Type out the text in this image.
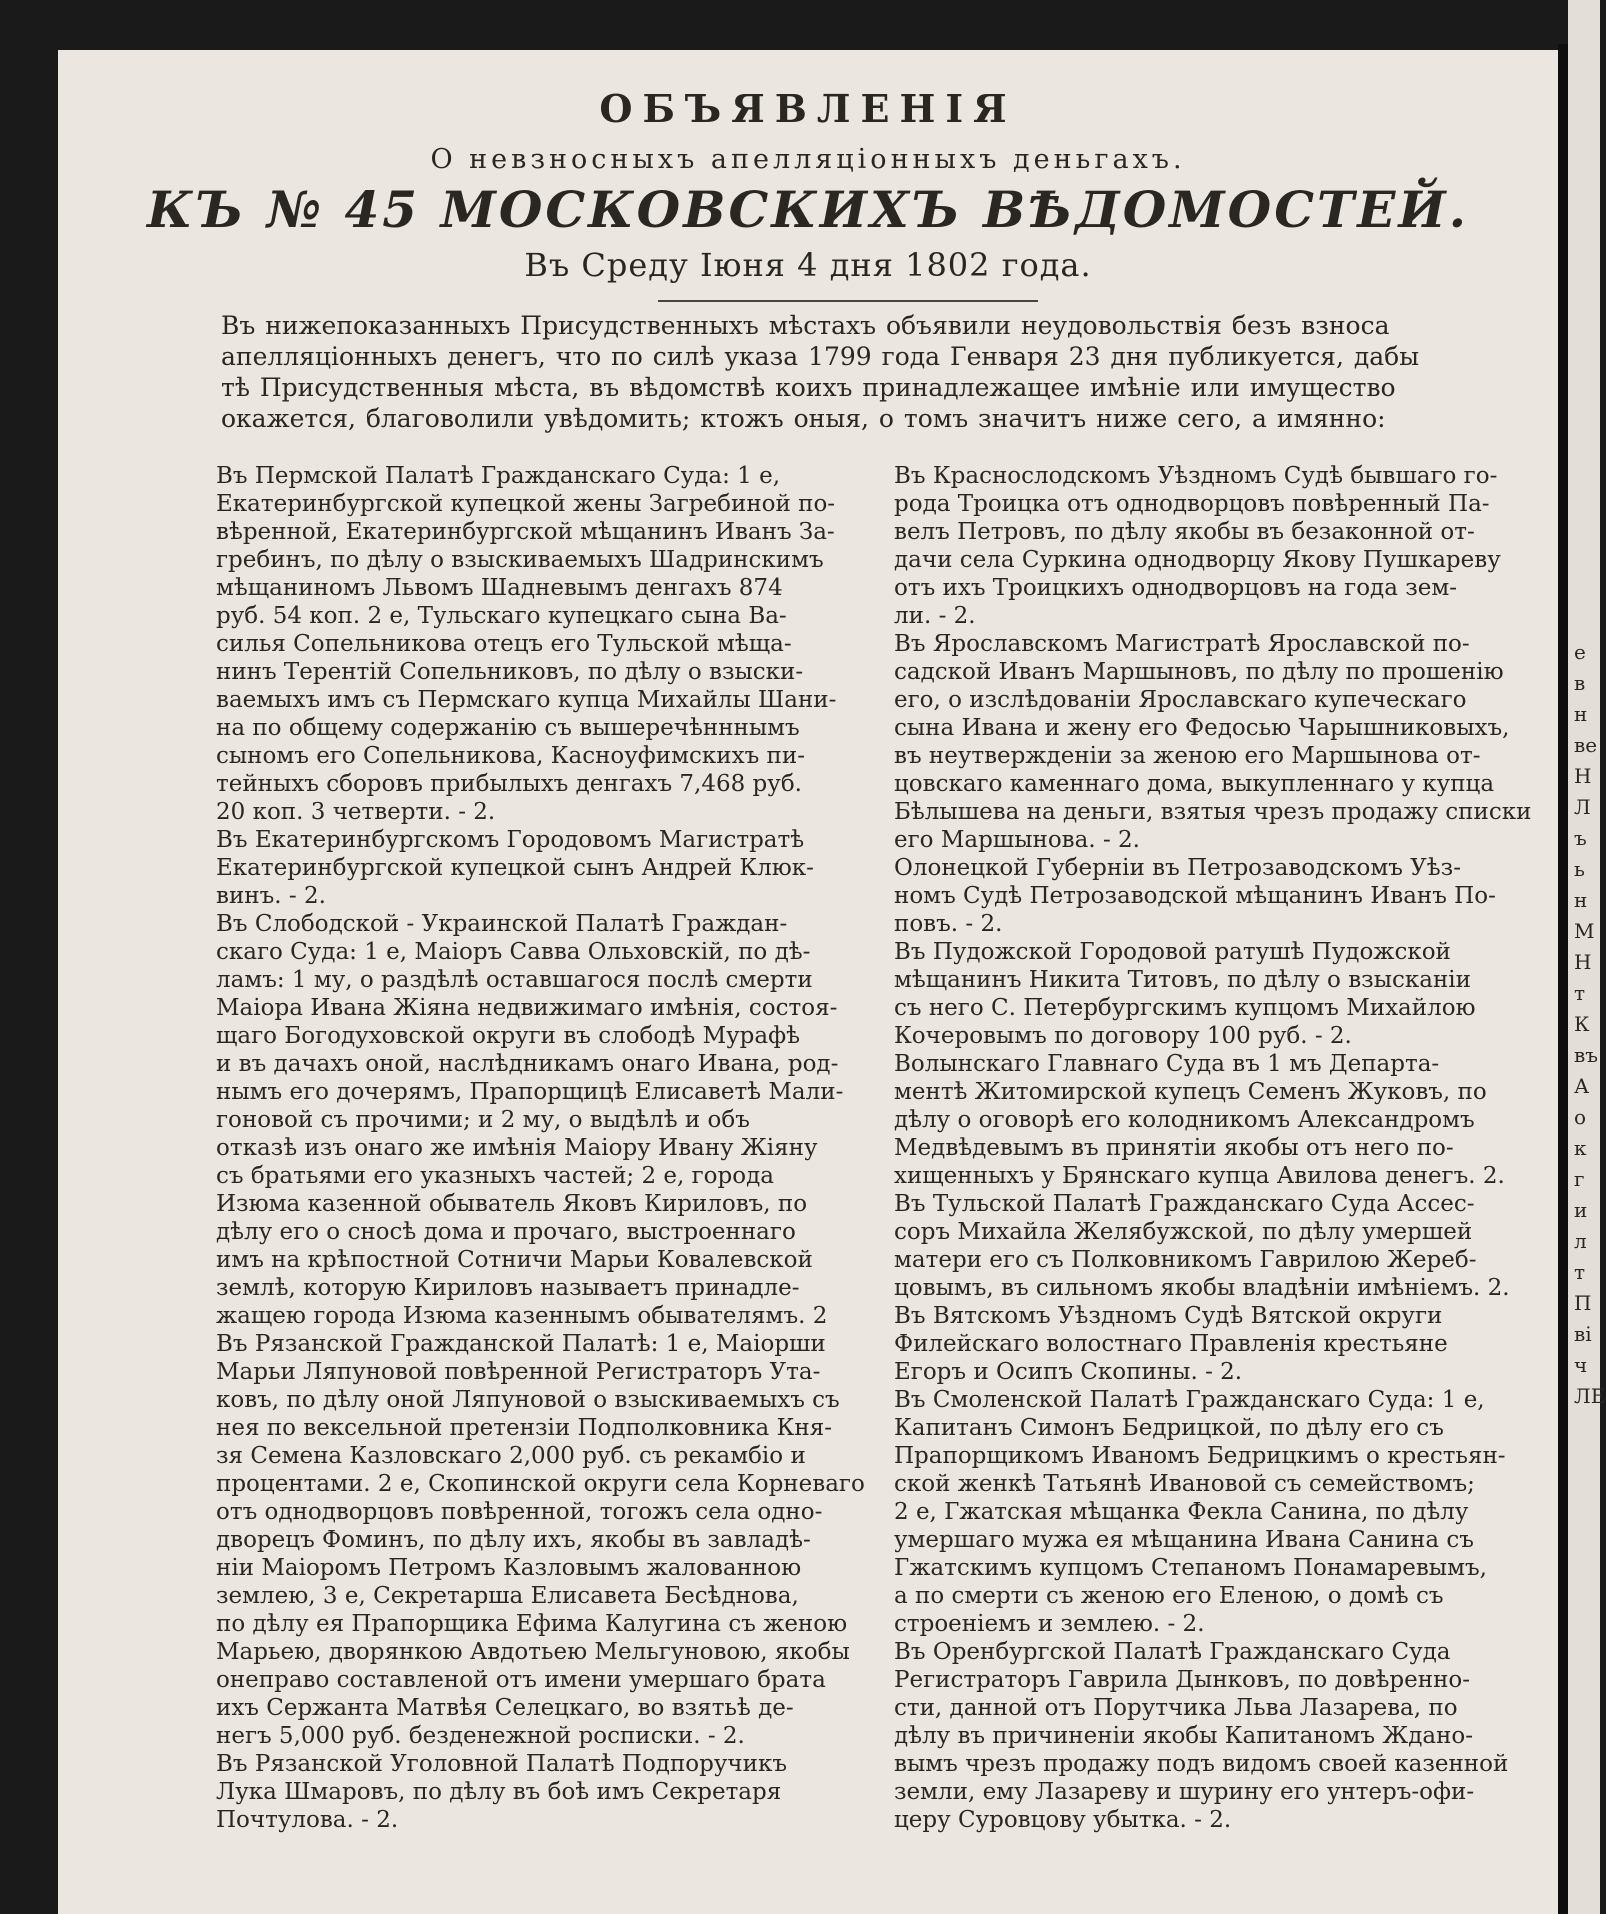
ОБЪЯВЛЕНІЯ
О невзносныхъ апелляціонныхъ деньгахъ.
КЪ № 45 МОСКОВСКИХЪ ВѢДОМОСТЕЙ.
Въ Среду Іюня 4 дня 1802 года.
Въ нижепоказанныхъ Присудственныхъ мѣстахъ объявили неудовольствія безъ взноса
апелляціонныхъ денегъ, что по силѣ указа 1799 года Генваря 23 дня публикуется, дабы
тѣ Присудственныя мѣста, въ вѣдомствѣ коихъ принадлежащее имѣніе или имущество
окажется, благоволили увѣдомить; ктожъ оныя, о томъ значитъ ниже сего, а имянно:
Въ Пермской Палатѣ Гражданскаго Суда: 1 е,
Екатеринбургской купецкой жены Загребиной по-
вѣренной, Екатеринбургской мѣщанинъ Иванъ За-
гребинъ, по дѣлу о взыскиваемыхъ Шадринскимъ
мѣщаниномъ Львомъ Шадневымъ денгахъ 874
руб. 54 коп. 2 е, Тульскаго купецкаго сына Ва-
силья Сопельникова отецъ его Тульской мѣща-
нинъ Терентій Сопельниковъ, по дѣлу о взыски-
ваемыхъ имъ съ Пермскаго купца Михайлы Шани-
на по общему содержанію съ вышеречѣнннымъ
сыномъ его Сопельникова, Касноуфимскихъ пи-
тейныхъ сборовъ прибылыхъ денгахъ 7,468 руб.
20 коп. 3 четверти. - 2.
Въ Екатеринбургскомъ Городовомъ Магистратѣ
Екатеринбургской купецкой сынъ Андрей Клюк-
винъ. - 2.
Въ Слободской - Украинской Палатѣ Граждан-
скаго Суда: 1 е, Маіоръ Савва Ольховскій, по дѣ-
ламъ: 1 му, о раздѣлѣ оставшагося послѣ смерти
Маіора Ивана Жіяна недвижимаго имѣнія, состоя-
щаго Богодуховской округи въ слободѣ Мурафѣ
и въ дачахъ оной, наслѣдникамъ онаго Ивана, род-
нымъ его дочерямъ, Прапорщицѣ Елисаветѣ Мали-
гоновой съ прочими; и 2 му, о выдѣлѣ и объ
отказѣ изъ онаго же имѣнія Маіору Ивану Жіяну
съ братьями его указныхъ частей; 2 е, города
Изюма казенной обыватель Яковъ Кириловъ, по
дѣлу его о сносѣ дома и прочаго, выстроеннаго
имъ на крѣпостной Сотничи Марьи Ковалевской
землѣ, которую Кириловъ называетъ принадле-
жащею города Изюма казеннымъ обывателямъ. 2
Въ Рязанской Гражданской Палатѣ: 1 е, Маіорши
Марьи Ляпуновой повѣренной Регистраторъ Ута-
ковъ, по дѣлу оной Ляпуновой о взыскиваемыхъ съ
нея по вексельной претензіи Подполковника Кня-
зя Семена Казловскаго 2,000 руб. съ рекамбіо и
процентами. 2 е, Скопинской округи села Корневаго
отъ однодворцовъ повѣренной, тогожъ села одно-
дворецъ Фоминъ, по дѣлу ихъ, якобы въ завладѣ-
ніи Маіоромъ Петромъ Казловымъ жалованною
землею, 3 е, Секретарша Елисавета Бесѣднова,
по дѣлу ея Прапорщика Ефима Калугина съ женою
Марьею, дворянкою Авдотьею Мельгуновою, якобы
онеправо составленой отъ имени умершаго брата
ихъ Сержанта Матвѣя Селецкаго, во взятьѣ де-
негъ 5,000 руб. безденежной росписки. - 2.
Въ Рязанской Уголовной Палатѣ Подпоручикъ
Лука Шмаровъ, по дѣлу въ боѣ имъ Секретаря
Почтулова. - 2.
Въ Краснослодскомъ Уѣздномъ Судѣ бывшаго го-
рода Троицка отъ однодворцовъ повѣренный Па-
велъ Петровъ, по дѣлу якобы въ безаконной от-
дачи села Суркина однодворцу Якову Пушкареву
отъ ихъ Троицкихъ однодворцовъ на года зем-
ли. - 2.
Въ Ярославскомъ Магистратѣ Ярославской по-
садской Иванъ Маршыновъ, по дѣлу по прошенію
его, о изслѣдованіи Ярославскаго купеческаго
сына Ивана и жену его Федосью Чарышниковыхъ,
въ неутвержденіи за женою его Маршынова от-
цовскаго каменнаго дома, выкупленнаго у купца
Бѣлышева на деньги, взятыя чрезъ продажу списки
его Маршынова. - 2.
Олонецкой Губерніи въ Петрозаводскомъ Уѣз-
номъ Судѣ Петрозаводской мѣщанинъ Иванъ По-
повъ. - 2.
Въ Пудожской Городовой ратушѣ Пудожской
мѣщанинъ Никита Титовъ, по дѣлу о взысканіи
съ него С. Петербургскимъ купцомъ Михайлою
Кочеровымъ по договору 100 руб. - 2.
Волынскаго Главнаго Суда въ 1 мъ Департа-
ментѣ Житомирской купецъ Семенъ Жуковъ, по
дѣлу о оговорѣ его колодникомъ Александромъ
Медвѣдевымъ въ принятіи якобы отъ него по-
хищенныхъ у Брянскаго купца Авилова денегъ. 2.
Въ Тульской Палатѣ Гражданскаго Суда Ассес-
соръ Михайла Желябужской, по дѣлу умершей
матери его съ Полковникомъ Гаврилою Жереб-
цовымъ, въ сильномъ якобы владѣніи имѣніемъ. 2.
Въ Вятскомъ Уѣздномъ Судѣ Вятской округи
Филейскаго волостнаго Правленія крестьяне
Егоръ и Осипъ Скопины. - 2.
Въ Смоленской Палатѣ Гражданскаго Суда: 1 е,
Капитанъ Симонъ Бедрицкой, по дѣлу его съ
Прапорщикомъ Иваномъ Бедрицкимъ о крестьян-
ской женкѣ Татьянѣ Ивановой съ семействомъ;
2 е, Гжатская мѣщанка Фекла Санина, по дѣлу
умершаго мужа ея мѣщанина Ивана Санина съ
Гжатскимъ купцомъ Степаномъ Понамаревымъ,
а по смерти съ женою его Еленою, о домѣ съ
строеніемъ и землею. - 2.
Въ Оренбургской Палатѣ Гражданскаго Суда
Регистраторъ Гаврила Дынковъ, по довѣренно-
сти, данной отъ Порутчика Льва Лазарева, по
дѣлу въ причиненіи якобы Капитаномъ Ждано-
вымъ чрезъ продажу подъ видомъ своей казенной
земли, ему Лазареву и шурину его унтеръ-офи-
церу Суровцову убытка. - 2.
е
в
н
ве
Н
Л
ъ
ь
н
М
Н
т
К
въ
А
о
к
г
и
л
т
П
ві
ч
ЛЕ
